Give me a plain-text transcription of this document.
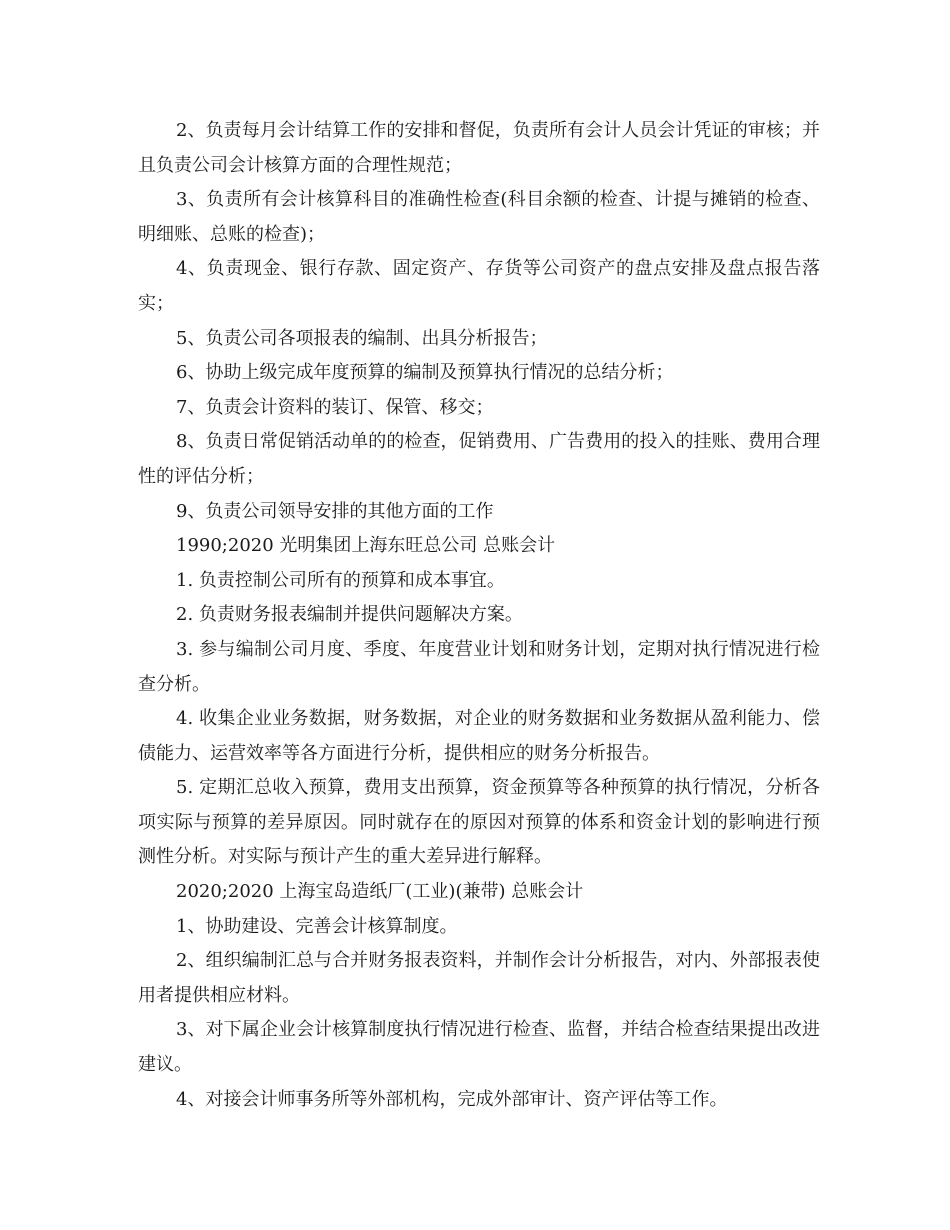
2、负责每月会计结算工作的安排和督促，负责所有会计人员会计凭证的审核；并且负责公司会计核算方面的合理性规范；

3、负责所有会计核算科目的准确性检查(科目余额的检查、计提与摊销的检查、明细账、总账的检查)；

4、负责现金、银行存款、固定资产、存货等公司资产的盘点安排及盘点报告落实；

5、负责公司各项报表的编制、出具分析报告；

6、协助上级完成年度预算的编制及预算执行情况的总结分析；

7、负责会计资料的装订、保管、移交；

8、负责日常促销活动单的的检查，促销费用、广告费用的投入的挂账、费用合理性的评估分析；

9、负责公司领导安排的其他方面的工作

1990;2020 光明集团上海东旺总公司 总账会计

1. 负责控制公司所有的预算和成本事宜。

2. 负责财务报表编制并提供问题解决方案。

3. 参与编制公司月度、季度、年度营业计划和财务计划，定期对执行情况进行检查分析。

4. 收集企业业务数据，财务数据，对企业的财务数据和业务数据从盈利能力、偿债能力、运营效率等各方面进行分析，提供相应的财务分析报告。

5. 定期汇总收入预算，费用支出预算，资金预算等各种预算的执行情况，分析各项实际与预算的差异原因。同时就存在的原因对预算的体系和资金计划的影响进行预测性分析。对实际与预计产生的重大差异进行解释。

2020;2020 上海宝岛造纸厂(工业)(兼带) 总账会计

1、协助建设、完善会计核算制度。

2、组织编制汇总与合并财务报表资料，并制作会计分析报告，对内、外部报表使用者提供相应材料。

3、对下属企业会计核算制度执行情况进行检查、监督，并结合检查结果提出改进建议。

4、对接会计师事务所等外部机构，完成外部审计、资产评估等工作。
